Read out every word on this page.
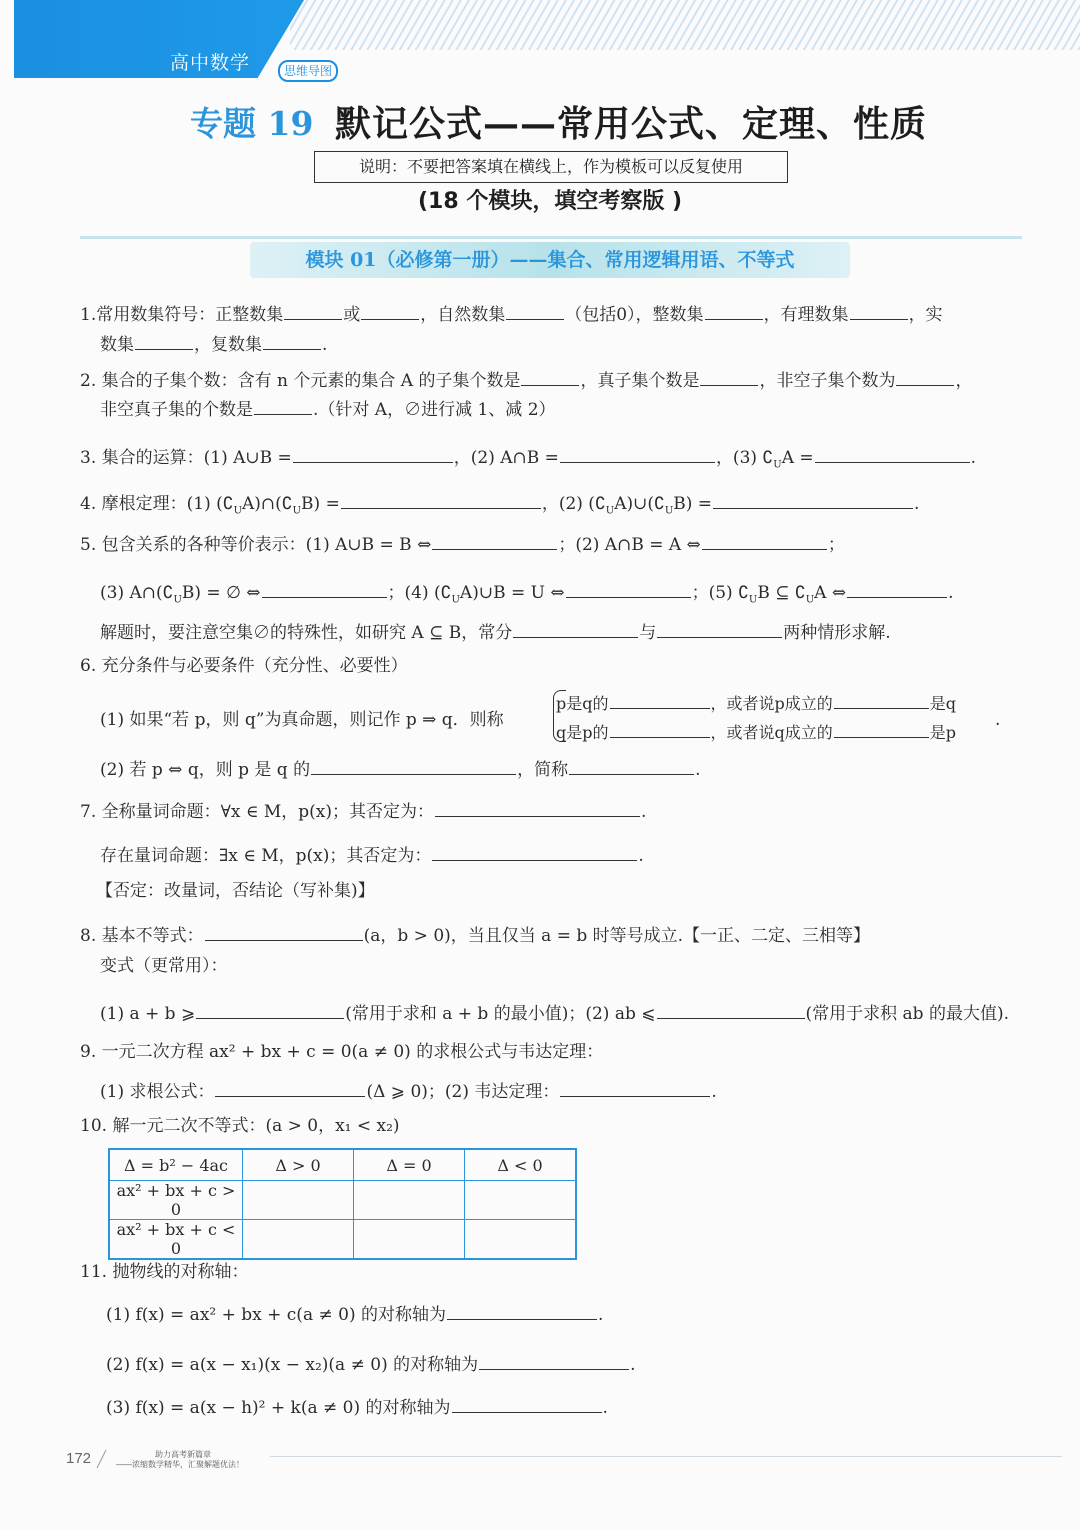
高中数学	思维导图
专题 19 默记公式——常用公式、定理、性质
说明：不要把答案填在横线上，作为模板可以反复使用
(18 个模块，填空考察版 )
模块 01（必修第一册）——集合、常用逻辑用语、不等式
1.常用数集符号：正整数集	或	，自然数集	（包括0），整数集	，有理数集	，实
数集	，复数集	.
2. 集合的子集个数：含有 n 个元素的集合 A 的子集个数是	，真子集个数是	，非空子集个数为	，
非空真子集的个数是	.（针对 A，∅进行减 1、减 2）
3. 集合的运算：(1) A∪B =	，(2) A∩B =	，(3) $∁_UA$ =	.
4. 摩根定理：(1) $(∁_UA)\cap(∁_UB)$ =	，(2) $(∁_UA)\cup(∁_UB)$ =	.
5. 包含关系的各种等价表示：(1) A∪B = B ⇔	；(2) A∩B = A ⇔	；
(3) $A\cap(∁_UB)$ = ∅ ⇔	；(4) $(∁_UA)\cup B = U$ ⇔	；(5) $∁_UB$ ⊆ $∁_UA$ ⇔	.
解题时，要注意空集∅的特殊性，如研究 A ⊆ B，常分	与	两种情形求解.
6. 充分条件与必要条件（充分性、必要性）
(1) 如果“若 p，则 q”为真命题，则记作 p ⇒ q．则称
p是q的	，或者说p成立的	是q
q是p的	，或者说q成立的	是p
.
(2) 若 p ⇔ q，则 p 是 q 的	，简称	.
7. 全称量词命题：∀x ∈ M，p(x)；其否定为：	.
存在量词命题：∃x ∈ M，p(x)；其否定为：	.
【否定：改量词，否结论（写补集)】
8. 基本不等式：	(a，b > 0)，当且仅当 a = b 时等号成立.【一正、二定、三相等】
变式（更常用）：
(1) a + b ⩾	(常用于求和 a + b 的最小值)；(2) ab ⩽	(常用于求积 ab 的最大值).
9. 一元二次方程 ax² + bx + c = 0(a ≠ 0) 的求根公式与韦达定理：
(1) 求根公式：	(Δ ⩾ 0)；(2) 韦达定理：	.
10. 解一元二次不等式：(a > 0，x₁ < x₂)
Δ = b² − 4ac	Δ > 0	Δ = 0	Δ < 0
ax² + bx + c > 0			
ax² + bx + c < 0			
11. 抛物线的对称轴：
(1) f(x) = ax² + bx + c(a ≠ 0) 的对称轴为	.
(2) f(x) = a(x − x₁)(x − x₂)(a ≠ 0) 的对称轴为	.
(3) f(x) = a(x − h)² + k(a ≠ 0) 的对称轴为	.
172	助力高考新篇章
——浓缩数学精华，汇聚解题优法！
